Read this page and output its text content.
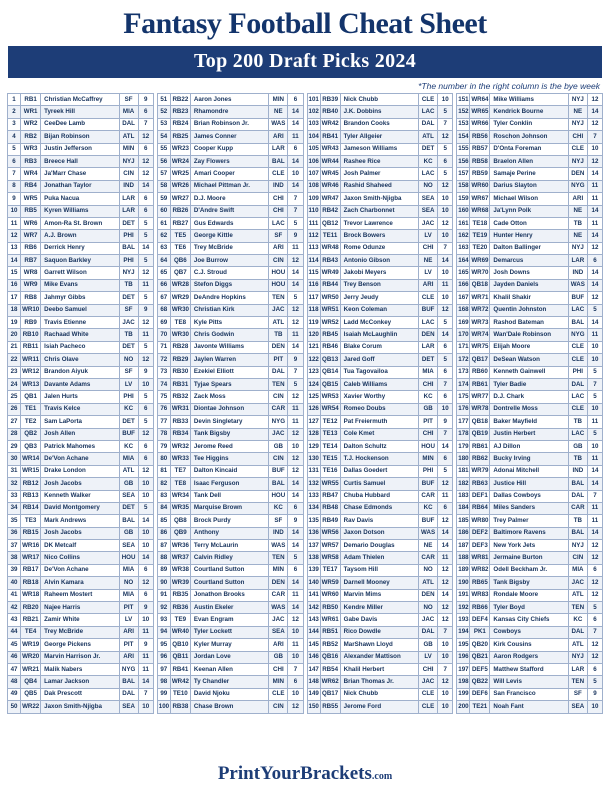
Fantasy Football Cheat Sheet
Top 200 Draft Picks 2024
*The number in the right column is the bye week
1	RB1	Christian McCaffrey	SF	9
2	WR1	Tyreek Hill	MIA	6
3	WR2	CeeDee Lamb	DAL	7
4	RB2	Bijan Robinson	ATL	12
5	WR3	Justin Jefferson	MIN	6
6	RB3	Breece Hall	NYJ	12
7	WR4	Ja'Marr Chase	CIN	12
8	RB4	Jonathan Taylor	IND	14
9	WR5	Puka Nacua	LAR	6
10	RB5	Kyren Williams	LAR	6
11	WR6	Amon-Ra St. Brown	DET	5
12	WR7	A.J. Brown	PHI	5
13	RB6	Derrick Henry	BAL	14
14	RB7	Saquon Barkley	PHI	5
15	WR8	Garrett Wilson	NYJ	12
16	WR9	Mike Evans	TB	11
17	RB8	Jahmyr Gibbs	DET	5
18	WR10	Deebo Samuel	SF	9
19	RB9	Travis Etienne	JAC	12
20	RB10	Rachaad White	TB	11
21	RB11	Isiah Pacheco	DET	5
22	WR11	Chris Olave	NO	12
23	WR12	Brandon Aiyuk	SF	9
24	WR13	Davante Adams	LV	10
25	QB1	Jalen Hurts	PHI	5
26	TE1	Travis Kelce	KC	6
27	TE2	Sam LaPorta	DET	5
28	QB2	Josh Allen	BUF	12
29	QB3	Patrick Mahomes	KC	6
30	WR14	De'Von Achane	MIA	6
31	WR15	Drake London	ATL	12
32	RB12	Josh Jacobs	GB	10
33	RB13	Kenneth Walker	SEA	10
34	RB14	David Montgomery	DET	5
35	TE3	Mark Andrews	BAL	14
36	RB15	Josh Jacobs	GB	10
37	WR16	DK Metcalf	SEA	10
38	WR17	Nico Collins	HOU	14
39	RB17	De'Von Achane	MIA	6
40	RB18	Alvin Kamara	NO	12
41	WR18	Raheem Mostert	MIA	6
42	RB20	Najee Harris	PIT	9
43	RB21	Zamir White	LV	10
44	TE4	Trey McBride	ARI	11
45	WR19	George Pickens	PIT	9
46	WR20	Marvin Harrison Jr.	ARI	11
47	WR21	Malik Nabers	NYG	11
48	QB4	Lamar Jackson	BAL	14
49	QB5	Dak Prescott	DAL	7
50	WR22	Jaxon Smith-Njigba	SEA	10
51	RB22	Aaron Jones	MIN	6
52	RB23	Rhamondre	NE	14
53	RB24	Brian Robinson Jr.	WAS	14
54	RB25	James Conner	ARI	11
55	WR23	Cooper Kupp	LAR	6
56	WR24	Zay Flowers	BAL	14
57	WR25	Amari Cooper	CLE	10
58	WR26	Michael Pittman Jr.	IND	14
59	WR27	D.J. Moore	CHI	7
60	RB26	D'Andre Swift	CHI	7
61	RB27	Gus Edwards	LAC	5
62	TE5	George Kittle	SF	9
63	TE6	Trey McBride	ARI	11
64	QB6	Joe Burrow	CIN	12
65	QB7	C.J. Stroud	HOU	14
66	WR28	Stefon Diggs	HOU	14
67	WR29	DeAndre Hopkins	TEN	5
68	WR30	Christian Kirk	JAC	12
69	TE8	Kyle Pitts	ATL	12
70	WR30	Chris Godwin	TB	11
71	RB28	Javonte Williams	DEN	14
72	RB29	Jaylen Warren	PIT	9
73	RB30	Ezekiel Elliott	DAL	7
74	RB31	Tyjae Spears	TEN	5
75	RB32	Zack Moss	CIN	12
76	WR31	Diontae Johnson	CAR	11
77	RB33	Devin Singletary	NYG	11
78	RB34	Tank Bigsby	JAC	12
79	WR32	Jerome Reed	GB	10
80	WR33	Tee Higgins	CIN	12
81	TE7	Dalton Kincaid	BUF	12
82	TE8	Isaac Ferguson	BAL	14
83	WR34	Tank Dell	HOU	14
84	WR35	Marquise Brown	KC	6
85	QB8	Brock Purdy	SF	9
86	QB9	Anthony	IND	14
87	WR36	Terry McLaurin	WAS	14
88	WR37	Calvin Ridley	TEN	5
89	WR38	Courtland Sutton	MIN	6
90	WR39	Courtland Sutton	DEN	14
91	RB35	Jonathon Brooks	CAR	11
92	RB36	Austin Ekeler	WAS	14
93	TE9	Evan Engram	JAC	12
94	WR40	Tyler Lockett	SEA	10
95	QB10	Kyler Murray	ARI	11
96	QB11	Jordan Love	GB	10
97	RB41	Keenan Allen	CHI	7
98	WR42	Ty Chandler	MIN	6
99	TE10	David Njoku	CLE	10
100	RB38	Chase Brown	CIN	12
101	RB39	Nick Chubb	CLE	10
102	RB40	J.K. Dobbins	LAC	5
103	WR42	Brandon Cooks	DAL	7
104	RB41	Tyler Allgeier	ATL	12
105	WR43	Jameson Williams	DET	5
106	WR44	Rashee Rice	KC	6
107	WR45	Josh Palmer	LAC	5
108	WR46	Rashid Shaheed	NO	12
109	WR47	Jaxon Smith-Njigba	SEA	10
110	RB42	Zach Charbonnet	SEA	10
111	QB12	Trevor Lawrence	JAC	12
112	TE11	Brock Bowers	LV	10
113	WR48	Rome Odunze	CHI	7
114	RB43	Antonio Gibson	NE	14
115	WR49	Jakobi Meyers	LV	10
116	RB44	Trey Benson	ARI	11
117	WR50	Jerry Jeudy	CLE	10
118	WR51	Keon Coleman	BUF	12
119	WR52	Ladd McConkey	LAC	5
120	RB45	Isaiah McLaughlin	DEN	14
121	RB46	Blake Corum	LAR	6
122	QB13	Jared Goff	DET	5
123	QB14	Tua Tagovailoa	MIA	6
124	QB15	Caleb Williams	CHI	7
125	WR53	Xavier Worthy	KC	6
126	WR54	Romeo Doubs	GB	10
127	TE12	Pat Freiermuth	PIT	9
128	TE13	Cole Kmet	CHI	7
129	TE14	Dalton Schultz	HOU	14
130	TE15	T.J. Hockenson	MIN	6
131	TE16	Dallas Goedert	PHI	5
132	WR55	Curtis Samuel	BUF	12
133	RB47	Chuba Hubbard	CAR	11
134	RB48	Chase Edmonds	KC	6
135	RB49	Rav Davis	BUF	12
136	WR56	Jaxon Dotson	WAS	14
137	WR57	Demario Douglas	NE	14
138	WR58	Adam Thielen	CAR	11
139	TE17	Taysom Hill	NO	12
140	WR59	Darnell Mooney	ATL	12
141	WR60	Marvin Mims	DEN	14
142	RB50	Kendre Miller	NO	12
143	WR61	Gabe Davis	JAC	12
144	RB51	Rico Dowdle	DAL	7
145	RB52	MarShawn Lloyd	GB	10
146	QB16	Alexander Mattison	LV	10
147	RB54	Khalil Herbert	CHI	7
148	WR62	Brian Thomas Jr.	JAC	12
149	QB17	Nick Chubb	CLE	10
150	RB55	Jerome Ford	CLE	10
151	WR64	Mike Williams	NYJ	12
152	WR65	Kendrick Bourne	NE	14
153	WR66	Tyler Conklin	NYJ	12
154	RB56	Roschon Johnson	CHI	7
155	RB57	D'Onta Foreman	CLE	10
156	RB58	Braelon Allen	NYJ	12
157	RB59	Samaje Perine	DEN	14
158	WR60	Darius Slayton	NYG	11
159	WR67	Michael Wilson	ARI	11
160	WR68	Ja'Lynn Polk	NE	14
161	TE18	Cade Otton	TB	11
162	TE19	Hunter Henry	NE	14
163	TE20	Dalton Ballinger	NYJ	12
164	WR69	Demarcus	LAR	6
165	WR70	Josh Downs	IND	14
166	QB18	Jayden Daniels	WAS	14
167	WR71	Khalil Shakir	BUF	12
168	WR72	Quentin Johnston	LAC	5
169	WR73	Rashod Bateman	BAL	14
170	WR74	Wan'Dale Robinson	NYG	11
171	WR75	Elijah Moore	CLE	10
172	QB17	DeSean Watson	CLE	10
173	RB60	Kenneth Gainwell	PHI	5
174	RB61	Tyler Badie	DAL	7
175	WR77	D.J. Chark	LAC	5
176	WR78	Dontrelle Moss	CLE	10
177	QB18	Baker Mayfield	TB	11
178	QB19	Justin Herbert	LAC	5
179	RB61	AJ Dillon	GB	10
180	RB62	Bucky Irving	TB	11
181	WR79	Adonai Mitchell	IND	14
182	RB63	Justice Hill	BAL	14
183	DEF1	Dallas Cowboys	DAL	7
184	RB64	Miles Sanders	CAR	11
185	WR80	Trey Palmer	TB	11
186	DEF2	Baltimore Ravens	BAL	14
187	DEF3	New York Jets	NYJ	12
188	WR81	Jermaine Burton	CIN	12
189	WR82	Odell Beckham Jr.	MIA	6
190	RB65	Tank Bigsby	JAC	12
191	WR83	Rondale Moore	ATL	12
192	RB66	Tyler Boyd	TEN	5
193	DEF4	Kansas City Chiefs	KC	6
194	PK1	Cowboys	DAL	7
195	QB20	Kirk Cousins	ATL	12
196	QB21	Aaron Rodgers	NYJ	12
197	DEF5	Matthew Stafford	LAR	6
198	QB22	Will Levis	TEN	5
199	DEF6	San Francisco	SF	9
200	TE21	Noah Fant	SEA	10
PrintYourBrackets.com
